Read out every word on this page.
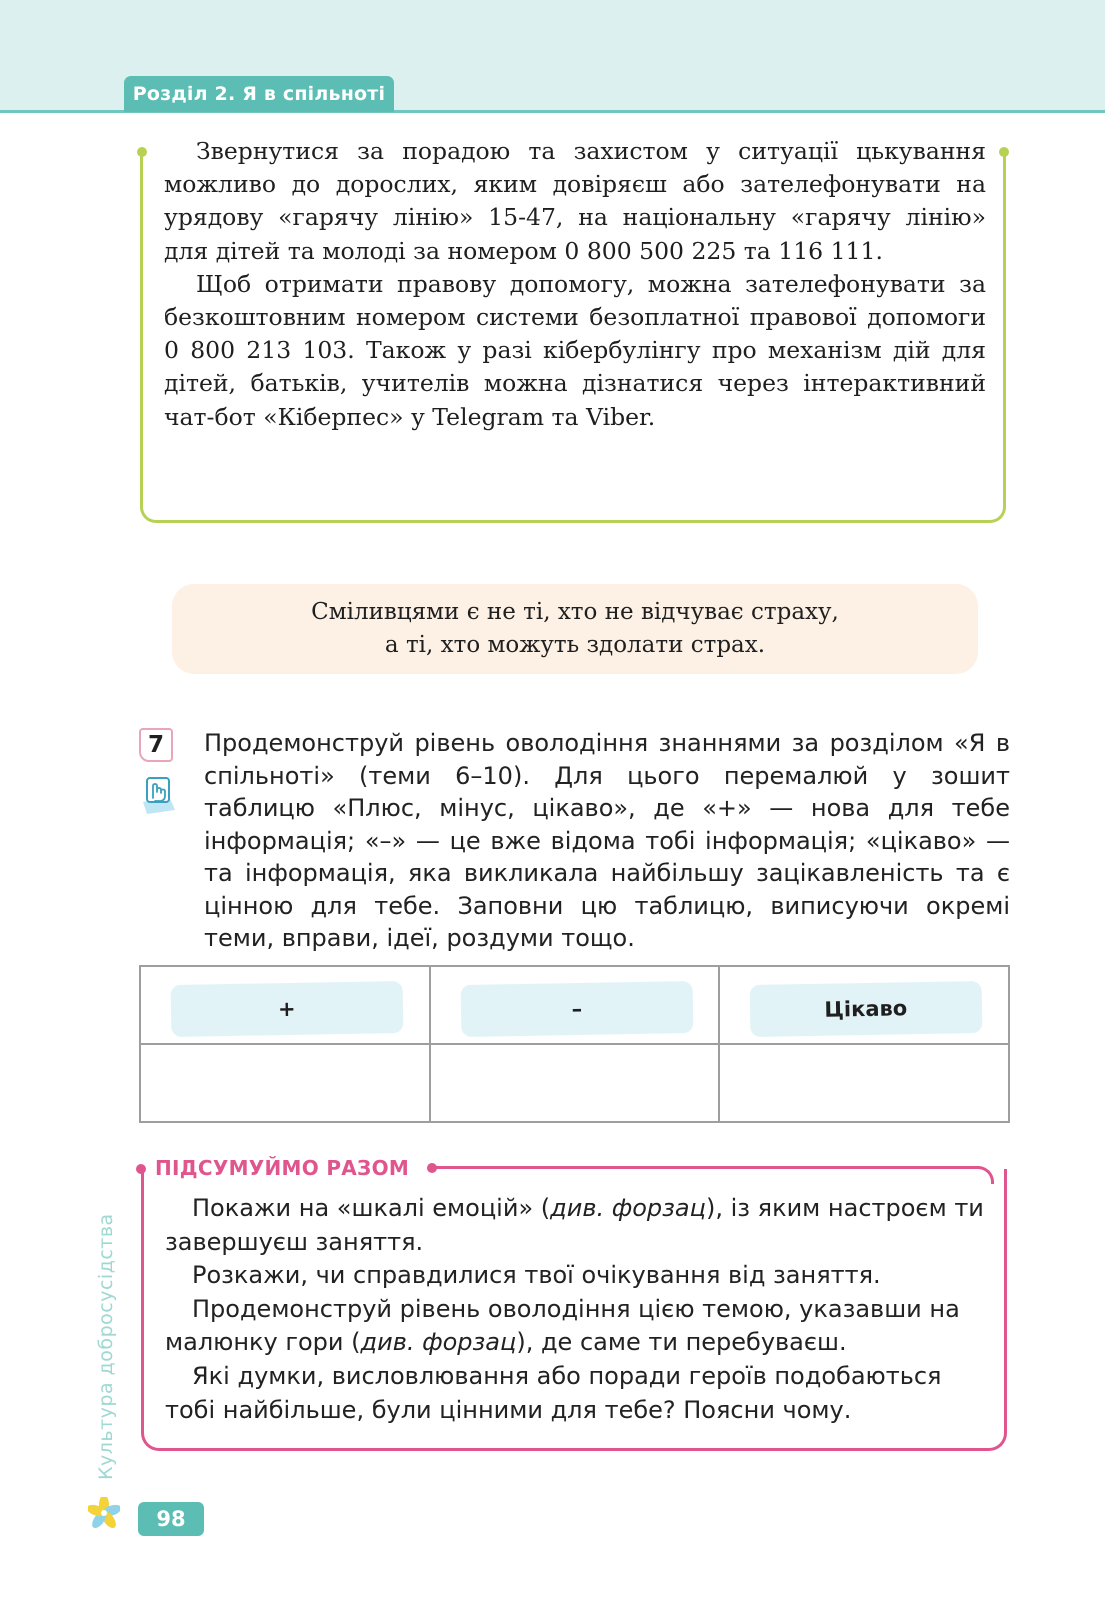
Розділ 2. Я в спільноті

Звернутися за порадою та захистом у ситуації цькування можливо до дорослих, яким довіряєш або зателефонувати на урядову «гарячу лінію» 15-47, на національну «гарячу лінію» для дітей та молоді за номером 0 800 500 225 та 116 111.

Щоб отримати правову допомогу, можна зателефонувати за безкоштовним номером системи безоплатної правової допомоги 0 800 213 103. Також у разі кібербулінгу про механізм дій для дітей, батьків, учителів можна дізнатися через інтерактивний чат-бот «Кіберпес» у Telegram та Viber.

Сміливцями є не ті, хто не відчуває страху,
а ті, хто можуть здолати страх.
7	Продемонструй рівень оволодіння знаннями за розділом «Я в спільноті» (теми 6–10). Для цього перемалюй у зошит таблицю «Плюс, мінус, цікаво», де «+» — нова для тебе інформація; «–» — це вже відома тобі інформація; «цікаво» — та інформація, яка викликала найбільшу зацікавленість та є цінною для тебе. Заповни цю таблицю, виписуючи окремі теми, вправи, ідеї, роздуми тощо.

+	–	Цікаво

ПІДСУМУЙМО РАЗОМ

Покажи на «шкалі емоцій» (див. форзац), із яким настроєм ти завершуєш заняття.

Розкажи, чи справдилися твої очікування від заняття.

Продемонструй рівень оволодіння цією темою, указавши на малюнку гори (див. форзац), де саме ти перебуваєш.

Які думки, висловлювання або поради героїв подобаються тобі найбільше, були цінними для тебе? Поясни чому.

Культура добросусідства
98
